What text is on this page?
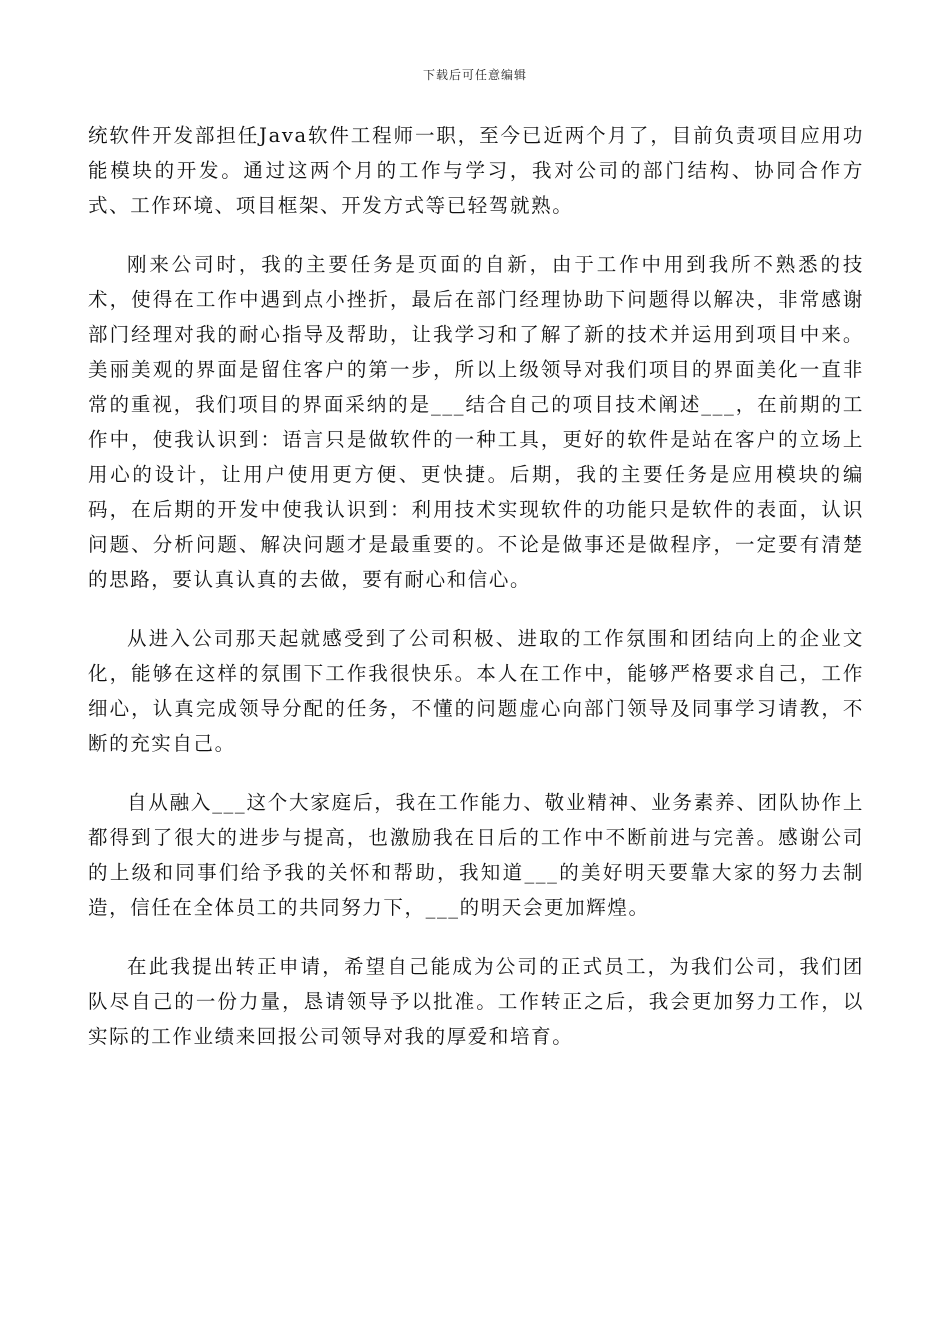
下载后可任意编辑

统软件开发部担任Java软件工程师一职，至今已近两个月了，目前负责项目应用功能模块的开发。通过这两个月的工作与学习，我对公司的部门结构、协同合作方式、工作环境、项目框架、开发方式等已轻驾就熟。

刚来公司时，我的主要任务是页面的自新，由于工作中用到我所不熟悉的技术，使得在工作中遇到点小挫折，最后在部门经理协助下问题得以解决，非常感谢部门经理对我的耐心指导及帮助，让我学习和了解了新的技术并运用到项目中来。美丽美观的界面是留住客户的第一步，所以上级领导对我们项目的界面美化一直非常的重视，我们项目的界面采纳的是___结合自己的项目技术阐述___，在前期的工作中，使我认识到：语言只是做软件的一种工具，更好的软件是站在客户的立场上用心的设计，让用户使用更方便、更快捷。后期，我的主要任务是应用模块的编码，在后期的开发中使我认识到：利用技术实现软件的功能只是软件的表面，认识问题、分析问题、解决问题才是最重要的。不论是做事还是做程序，一定要有清楚的思路，要认真认真的去做，要有耐心和信心。

从进入公司那天起就感受到了公司积极、进取的工作氛围和团结向上的企业文化，能够在这样的氛围下工作我很快乐。本人在工作中，能够严格要求自己，工作细心，认真完成领导分配的任务，不懂的问题虚心向部门领导及同事学习请教，不断的充实自己。

自从融入___这个大家庭后，我在工作能力、敬业精神、业务素养、团队协作上都得到了很大的进步与提高，也激励我在日后的工作中不断前进与完善。感谢公司的上级和同事们给予我的关怀和帮助，我知道___的美好明天要靠大家的努力去制造，信任在全体员工的共同努力下，___的明天会更加辉煌。

在此我提出转正申请，希望自己能成为公司的正式员工，为我们公司，我们团队尽自己的一份力量，恳请领导予以批准。工作转正之后，我会更加努力工作，以实际的工作业绩来回报公司领导对我的厚爱和培育。
